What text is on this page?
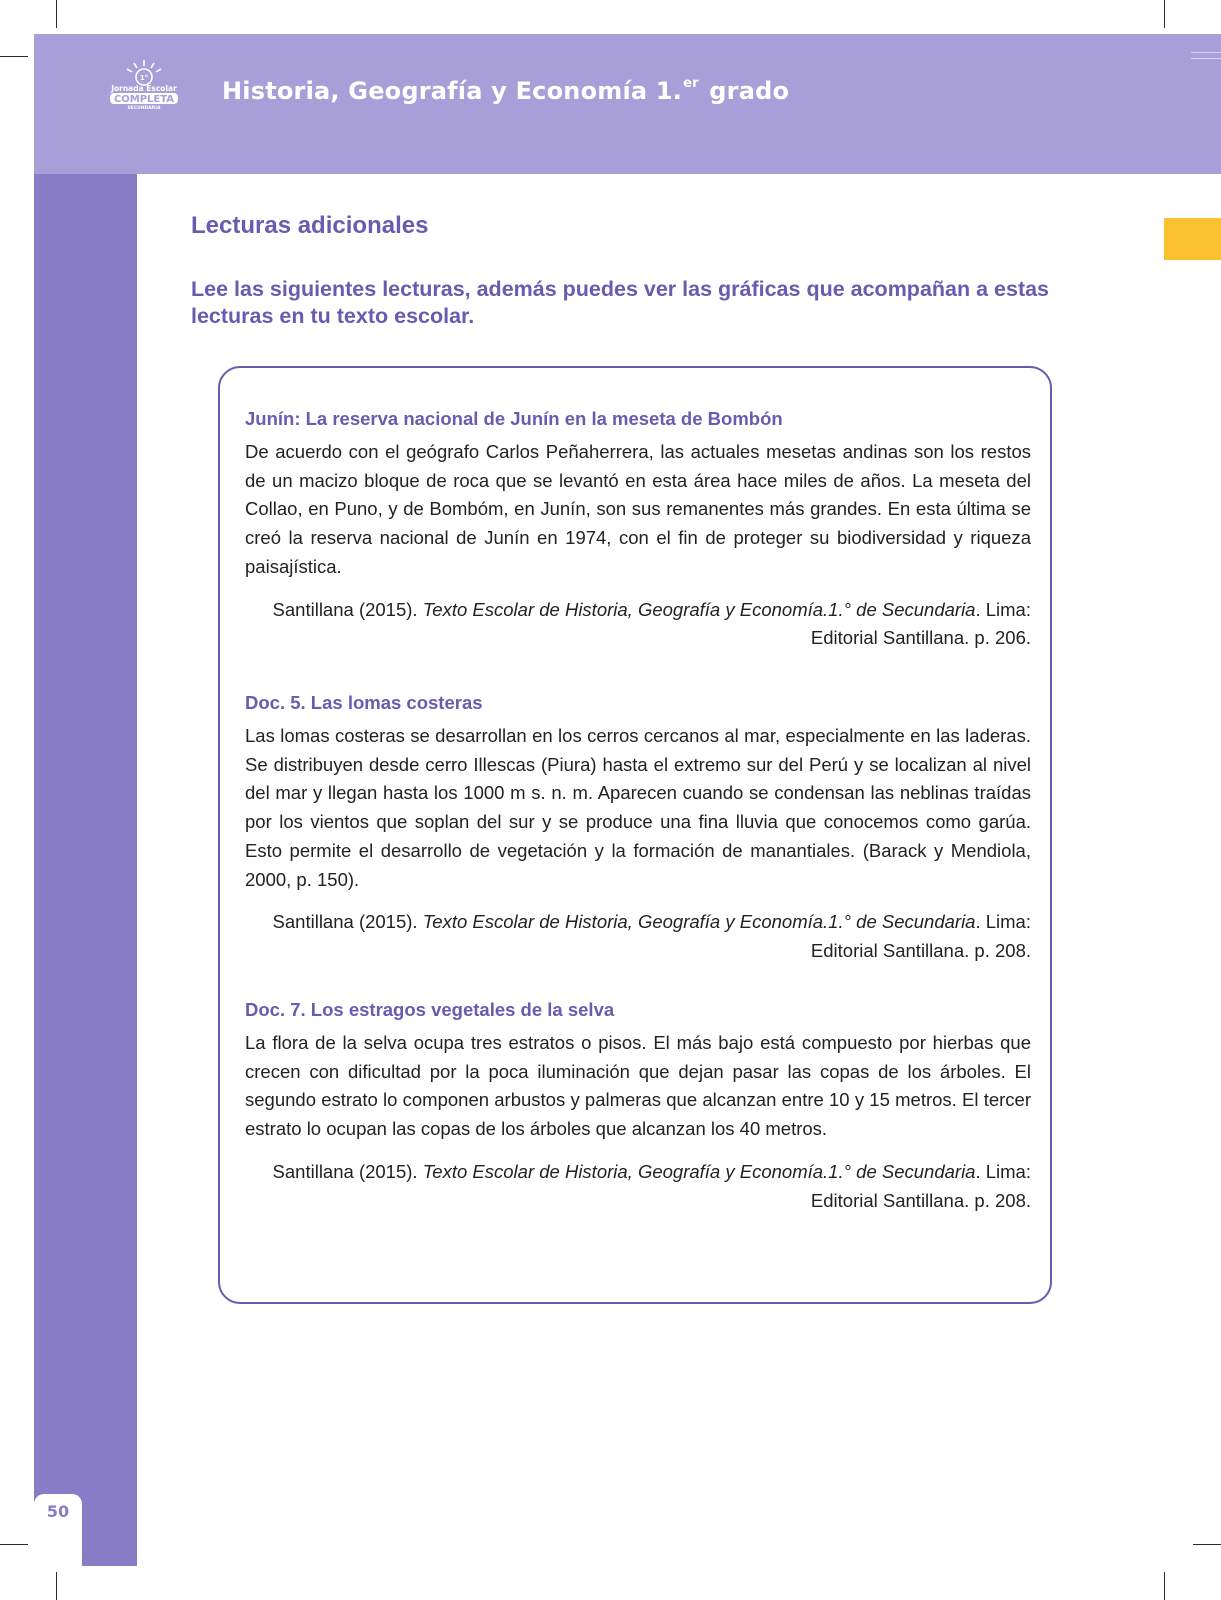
1°
Jornada Escolar
COMPLETA
SECUNDARIA
Historia, Geografía y Economía 1.$^{er}$ grado
50
Lecturas adicionales
Lee las siguientes lecturas, además puedes ver las gráficas que acompañan a estas lecturas en tu texto escolar.

Junín: La reserva nacional de Junín en la meseta de Bombón

De acuerdo con el geógrafo Carlos Peñaherrera, las actuales mesetas andinas son los restos de un macizo bloque de roca que se levantó en esta área hace miles de años. La meseta del Collao, en Puno, y de Bombóm, en Junín, son sus remanentes más grandes. En esta última se creó la reserva nacional de Junín en 1974, con el fin de proteger su biodiversidad y riqueza paisajística.

Santillana (2015). Texto Escolar de Historia, Geografía y Economía.1.° de Secundaria. Lima: Editorial Santillana. p. 206.

Doc. 5. Las lomas costeras

Las lomas costeras se desarrollan en los cerros cercanos al mar, especialmente en las laderas. Se distribuyen desde cerro Illescas (Piura) hasta el extremo sur del Perú y se localizan al nivel del mar y llegan hasta los 1000 m s. n. m. Aparecen cuando se condensan las neblinas traídas por los vientos que soplan del sur y se produce una fina lluvia que conocemos como garúa. Esto permite el desarrollo de vegetación y la formación de manantiales. (Barack y Mendiola, 2000, p. 150).

Santillana (2015). Texto Escolar de Historia, Geografía y Economía.1.° de Secundaria. Lima: Editorial Santillana. p. 208.

Doc. 7. Los estragos vegetales de la selva

La flora de la selva ocupa tres estratos o pisos. El más bajo está compuesto por hierbas que crecen con dificultad por la poca iluminación que dejan pasar las copas de los árboles. El segundo estrato lo componen arbustos y palmeras que alcanzan entre 10 y 15 metros. El tercer estrato lo ocupan las copas de los árboles que alcanzan los 40 metros.

Santillana (2015). Texto Escolar de Historia, Geografía y Economía.1.° de Secundaria. Lima: Editorial Santillana. p. 208.
